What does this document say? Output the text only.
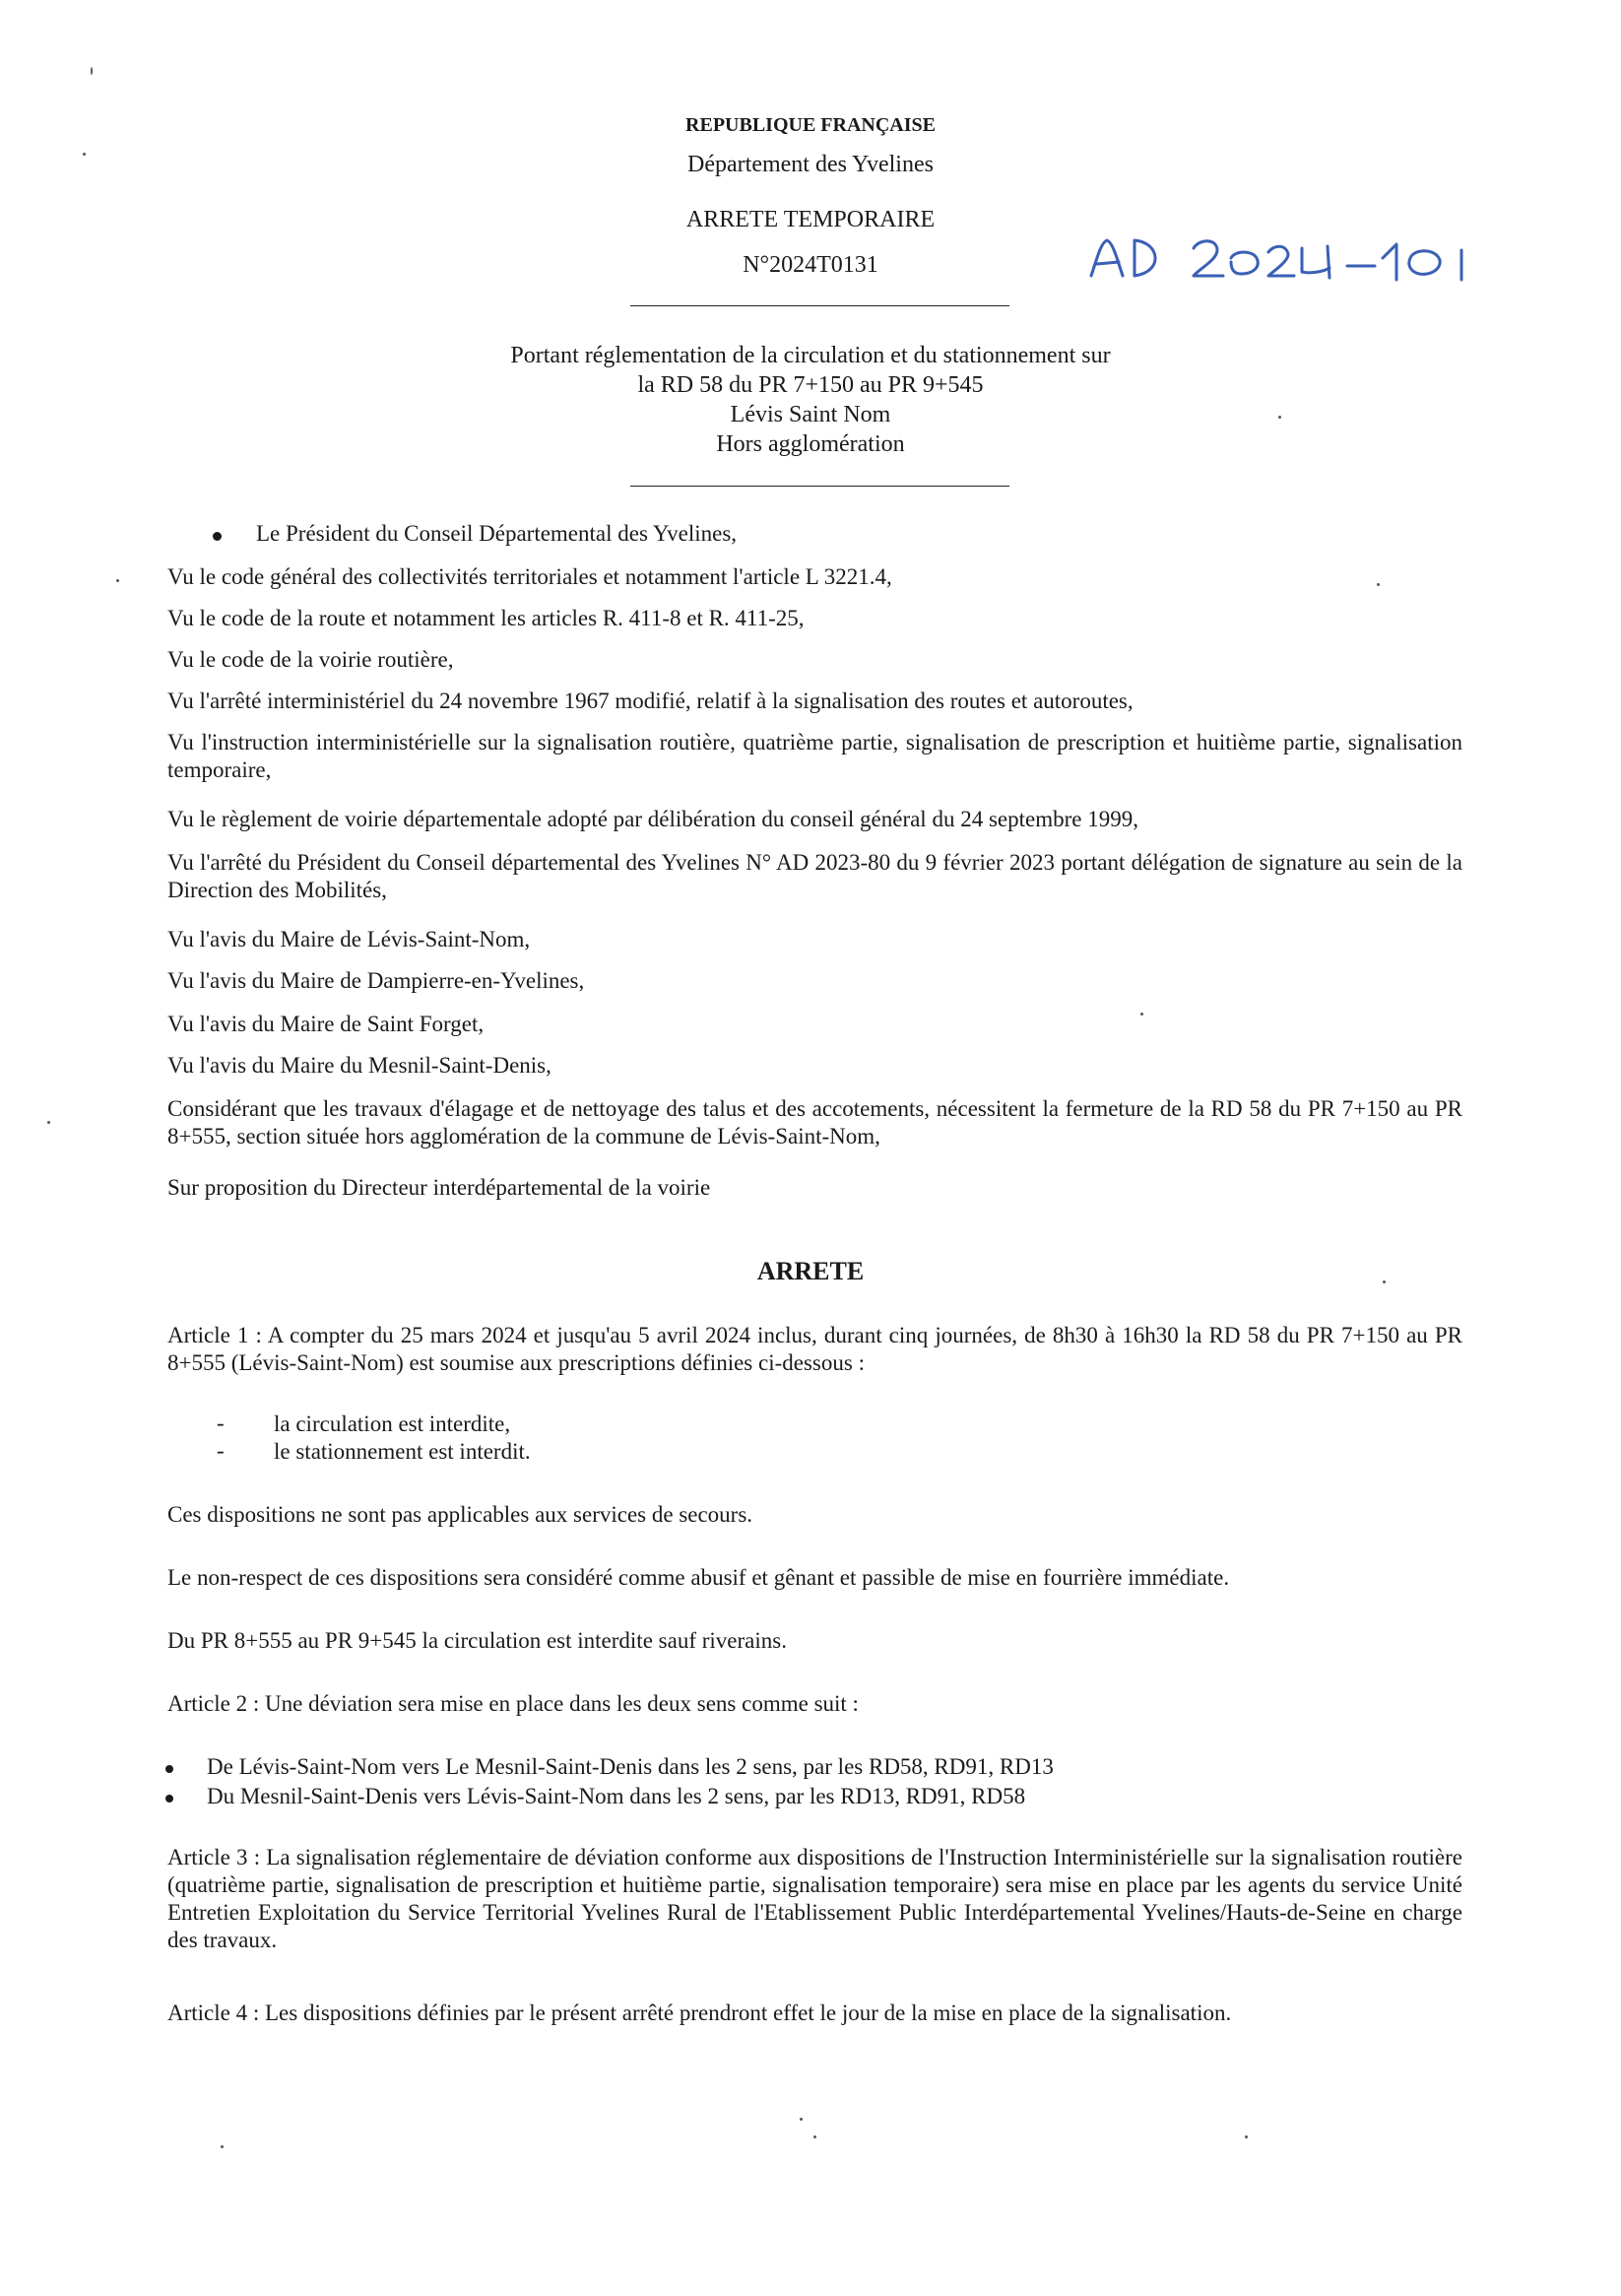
REPUBLIQUE FRANÇAISE
Département des Yvelines
ARRETE TEMPORAIRE
N°2024T0131
Portant réglementation de la circulation et du stationnement sur
la RD 58 du PR 7+150 au PR 9+545
Lévis Saint Nom
Hors agglomération
Le Président du Conseil Départemental des Yvelines,
Vu le code général des collectivités territoriales et notamment l'article L 3221.4,
Vu le code de la route et notamment les articles R. 411-8 et R. 411-25,
Vu le code de la voirie routière,
Vu l'arrêté interministériel du 24 novembre 1967 modifié, relatif à la signalisation des routes et autoroutes,
Vu l'instruction interministérielle sur la signalisation routière, quatrième partie, signalisation de prescription et huitième partie, signalisation temporaire,
Vu le règlement de voirie départementale adopté par délibération du conseil général du 24 septembre 1999,
Vu l'arrêté du Président du Conseil départemental des Yvelines N° AD 2023-80 du 9 février 2023 portant délégation de signature au sein de la Direction des Mobilités,
Vu l'avis du Maire de Lévis-Saint-Nom,
Vu l'avis du Maire de Dampierre-en-Yvelines,
Vu l'avis du Maire de Saint Forget,
Vu l'avis du Maire du Mesnil-Saint-Denis,
Considérant que les travaux d'élagage et de nettoyage des talus et des accotements, nécessitent la fermeture de la RD 58 du PR 7+150 au PR 8+555, section située hors agglomération de la commune de Lévis-Saint-Nom,
Sur proposition du Directeur interdépartemental de la voirie
ARRETE
Article 1 : A compter du 25 mars 2024 et jusqu'au 5 avril 2024 inclus, durant cinq journées, de 8h30 à 16h30 la RD 58 du PR 7+150 au PR 8+555 (Lévis-Saint-Nom) est soumise aux prescriptions définies ci-dessous :
- la circulation est interdite,
- le stationnement est interdit.
Ces dispositions ne sont pas applicables aux services de secours.
Le non-respect de ces dispositions sera considéré comme abusif et gênant et passible de mise en fourrière immédiate.
Du PR 8+555 au PR 9+545 la circulation est interdite sauf riverains.
Article 2 : Une déviation sera mise en place dans les deux sens comme suit :
De Lévis-Saint-Nom vers Le Mesnil-Saint-Denis dans les 2 sens, par les RD58, RD91, RD13
Du Mesnil-Saint-Denis vers Lévis-Saint-Nom dans les 2 sens, par les RD13, RD91, RD58
Article 3 : La signalisation réglementaire de déviation conforme aux dispositions de l'Instruction Interministérielle sur la signalisation routière (quatrième partie, signalisation de prescription et huitième partie, signalisation temporaire) sera mise en place par les agents du service Unité Entretien Exploitation du Service Territorial Yvelines Rural de l'Etablissement Public Interdépartemental Yvelines/Hauts-de-Seine en charge des travaux.
Article 4 : Les dispositions définies par le présent arrêté prendront effet le jour de la mise en place de la signalisation.
